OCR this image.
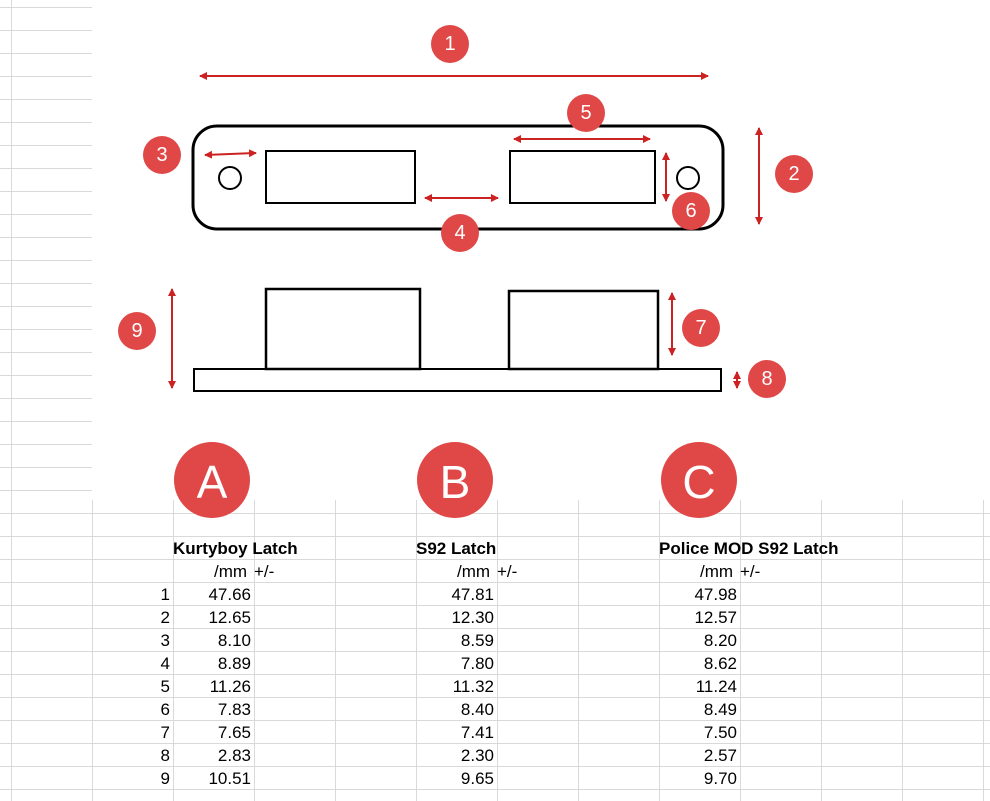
1
2
3
4
5
6
7
8
9
A	B	C
Kurtyboy Latch	S92 Latch	Police MOD S92 Latch
/mm +/-	/mm +/-	/mm +/-
1	47.66	47.81	47.98
2	12.65	12.30	12.57
3	8.10	8.59	8.20
4	8.89	7.80	8.62
5	11.26	11.32	11.24
6	7.83	8.40	8.49
7	7.65	7.41	7.50
8	2.83	2.30	2.57
9	10.51	9.65	9.70
